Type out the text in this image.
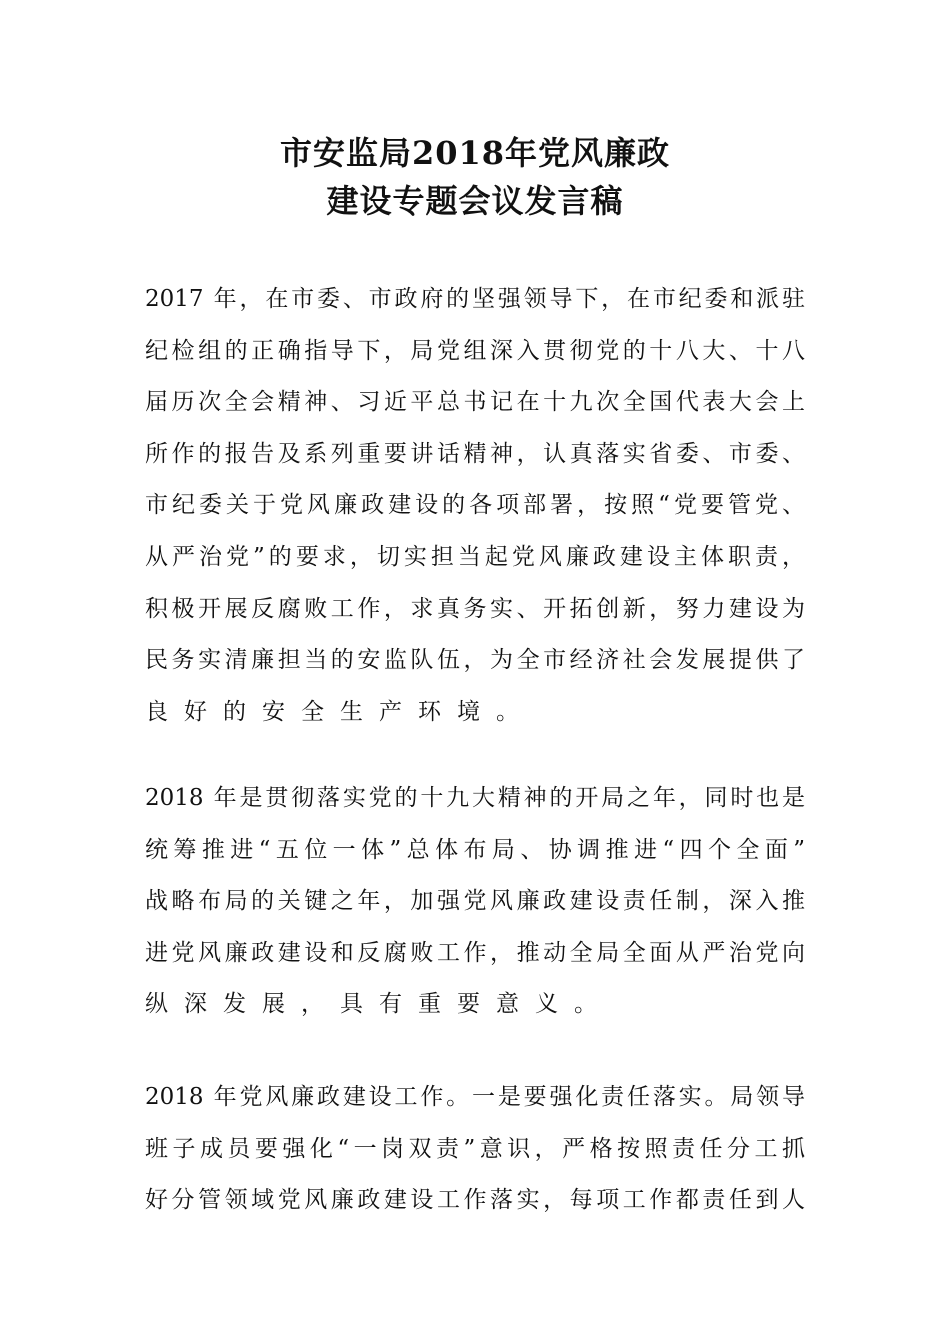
市安监局2018年党风廉政
建设专题会议发言稿
2017 年，在市委、市政府的坚强领导下，在市纪委和派驻
纪检组的正确指导下，局党组深入贯彻党的十八大、十八
届历次全会精神、习近平总书记在十九次全国代表大会上
所作的报告及系列重要讲话精神，认真落实省委、市委、
市纪委关于党风廉政建设的各项部署，按照“党要管党、
从严治党”的要求，切实担当起党风廉政建设主体职责，
积极开展反腐败工作，求真务实、开拓创新，努力建设为
民务实清廉担当的安监队伍，为全市经济社会发展提供了
良好的安全生产环境。
2018 年是贯彻落实党的十九大精神的开局之年，同时也是
统筹推进“五位一体”总体布局、协调推进“四个全面”
战略布局的关键之年，加强党风廉政建设责任制，深入推
进党风廉政建设和反腐败工作，推动全局全面从严治党向
纵深发展，具有重要意义。
2018 年党风廉政建设工作。一是要强化责任落实。局领导
班子成员要强化“一岗双责”意识，严格按照责任分工抓
好分管领域党风廉政建设工作落实，每项工作都责任到人
